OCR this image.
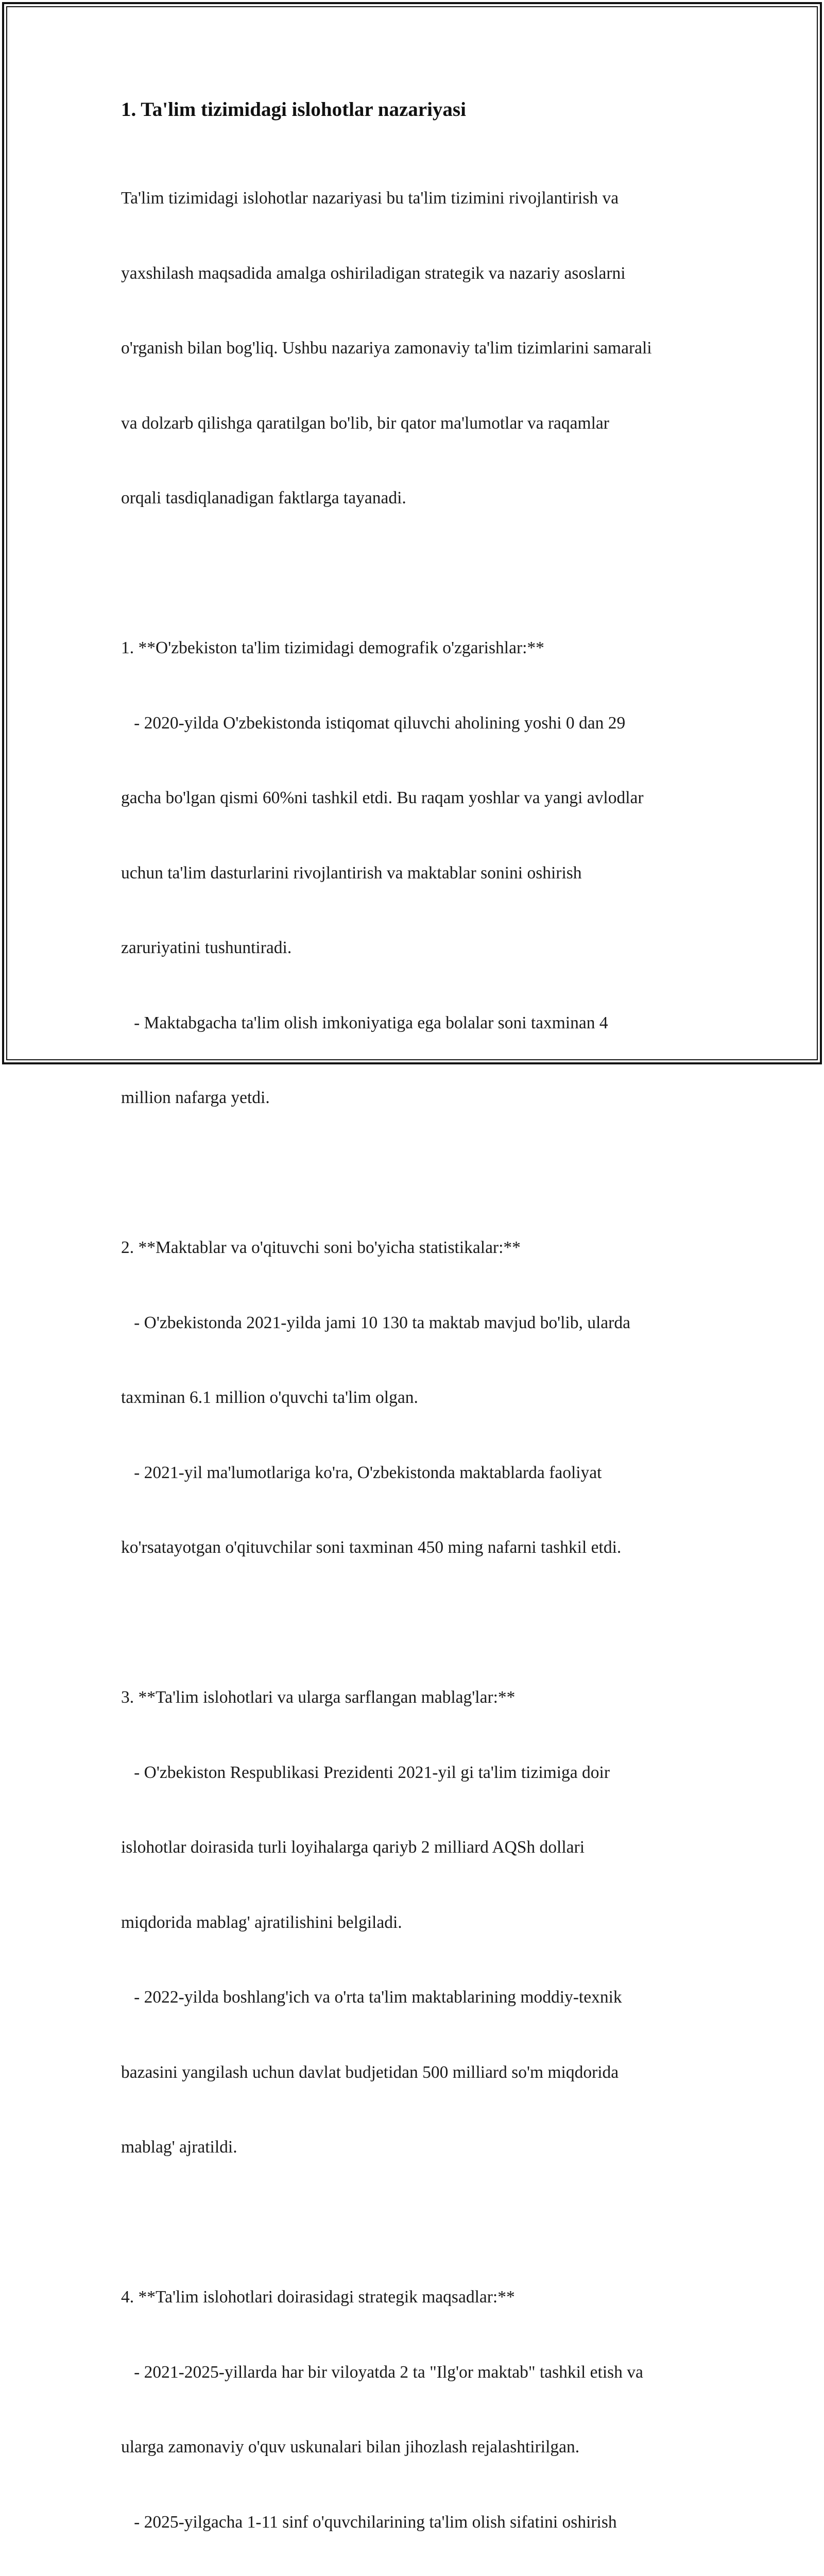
1. Ta'lim tizimidagi islohotlar nazariyasi

Ta'lim tizimidagi islohotlar nazariyasi bu ta'lim tizimini rivojlantirish va

yaxshilash maqsadida amalga oshiriladigan strategik va nazariy asoslarni

o'rganish bilan bog'liq. Ushbu nazariya zamonaviy ta'lim tizimlarini samarali

va dolzarb qilishga qaratilgan bo'lib, bir qator ma'lumotlar va raqamlar

orqali tasdiqlanadigan faktlarga tayanadi.

1. **O'zbekiston ta'lim tizimidagi demografik o'zgarishlar:**

- 2020-yilda O'zbekistonda istiqomat qiluvchi aholining yoshi 0 dan 29

gacha bo'lgan qismi 60%ni tashkil etdi. Bu raqam yoshlar va yangi avlodlar

uchun ta'lim dasturlarini rivojlantirish va maktablar sonini oshirish

zaruriyatini tushuntiradi.

- Maktabgacha ta'lim olish imkoniyatiga ega bolalar soni taxminan 4

million nafarga yetdi.

2. **Maktablar va o'qituvchi soni bo'yicha statistikalar:**

- O'zbekistonda 2021-yilda jami 10 130 ta maktab mavjud bo'lib, ularda

taxminan 6.1 million o'quvchi ta'lim olgan.

- 2021-yil ma'lumotlariga ko'ra, O'zbekistonda maktablarda faoliyat

ko'rsatayotgan o'qituvchilar soni taxminan 450 ming nafarni tashkil etdi.

3. **Ta'lim islohotlari va ularga sarflangan mablag'lar:**

- O'zbekiston Respublikasi Prezidenti 2021-yil gi ta'lim tizimiga doir

islohotlar doirasida turli loyihalarga qariyb 2 milliard AQSh dollari

miqdorida mablag' ajratilishini belgiladi.

- 2022-yilda boshlang'ich va o'rta ta'lim maktablarining moddiy-texnik

bazasini yangilash uchun davlat budjetidan 500 milliard so'm miqdorida

mablag' ajratildi.

4. **Ta'lim islohotlari doirasidagi strategik maqsadlar:**

- 2021-2025-yillarda har bir viloyatda 2 ta "Ilg'or maktab" tashkil etish va

ularga zamonaviy o'quv uskunalari bilan jihozlash rejalashtirilgan.

- 2025-yilgacha 1-11 sinf o'quvchilarining ta'lim olish sifatini oshirish
